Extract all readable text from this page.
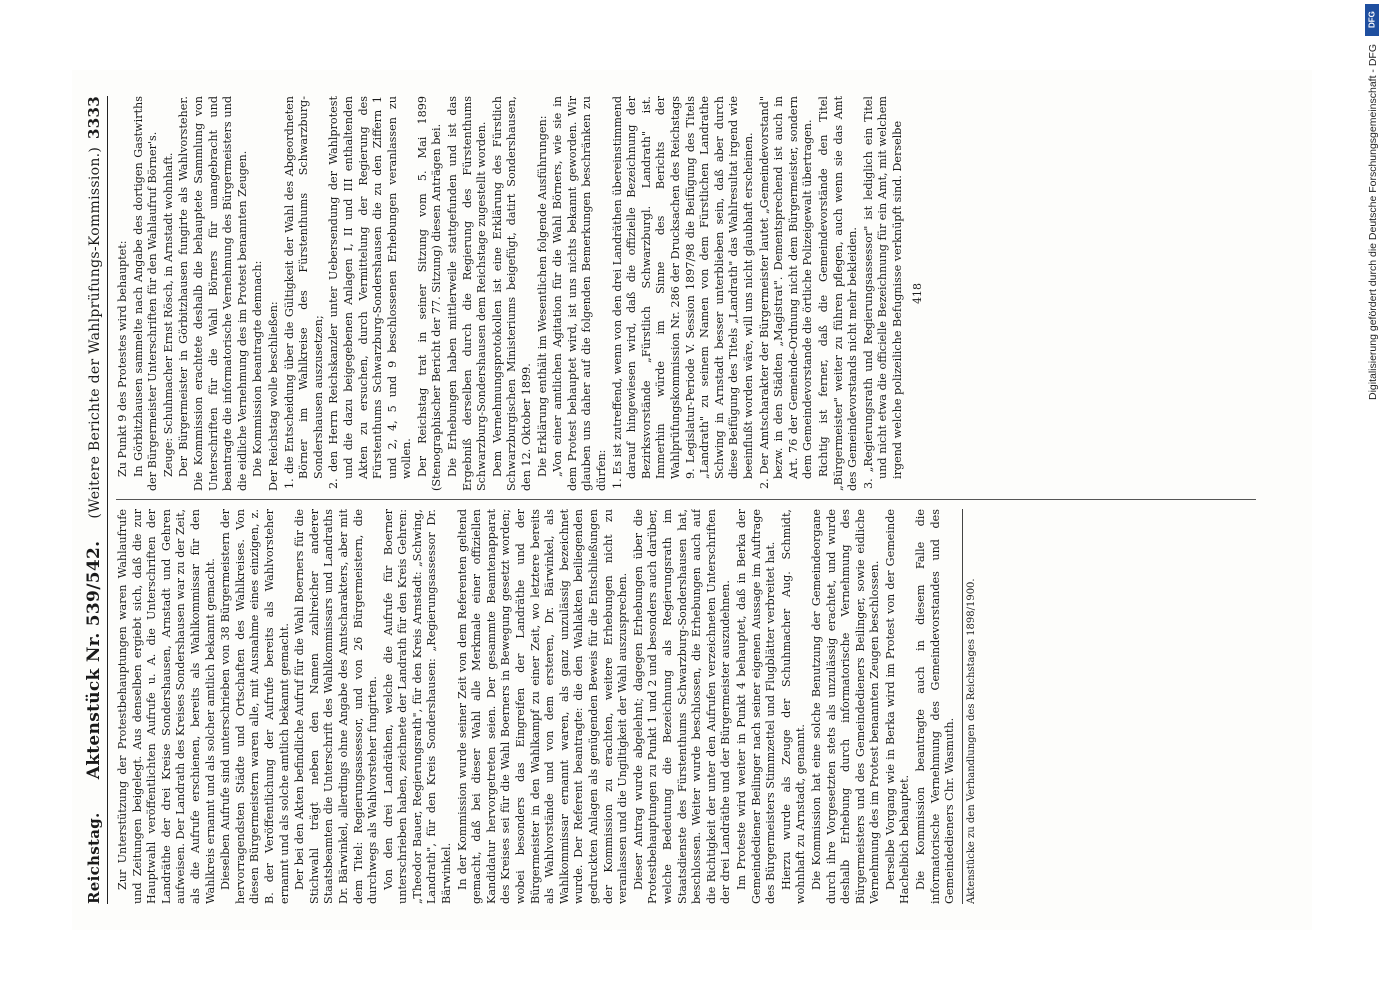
Reichstag.      Aktenstück Nr. 539/542.    (Weitere Berichte der Wahlprüfungs-Kommission.)
3333

Zur Unterstützung der Protestbehauptungen waren Wahlaufrufe und Zeitungen beigelegt. Aus denselben ergiebt sich, daß die zur Hauptwahl veröffentlichten Aufrufe u. A. die Unterschriften der Landräthe der drei Kreise Sondershausen, Arnstadt und Gehren aufweisen. Der Landrath des Kreises Sondershausen war zu der Zeit, als die Aufrufe erschienen, bereits als Wahlkommissar für den Wahlkreis ernannt und als solcher amtlich bekannt gemacht. Dieselben Aufrufe sind unterschrieben von 38 Bürgermeistern der hervorragendsten Städte und Ortschaften des Wahlkreises. Von diesen Bürgermeistern waren alle, mit Ausnahme eines einzigen, z. B. der Veröffentlichung der Aufrufe bereits als Wahlvorsteher ernannt und als solche amtlich bekannt gemacht. Der bei den Akten befindliche Aufruf für die Wahl Boerners für die Stichwahl trägt neben den Namen zahlreicher anderer Staatsbeamten die Unterschrift des Wahlkommissars und Landraths Dr. Bärwinkel, allerdings ohne Angabe des Amtscharakters, aber mit dem Titel: Regierungsassessor, und von 26 Bürgermeistern, die durchwegs als Wahlvorsteher fungirten. Von den drei Landräthen, welche die Aufrufe für Boerner unterschrieben haben, zeichnete der Landrath für den Kreis Gehren: „Theodor Bauer, Regierungsrath", für den Kreis Arnstadt: „Schwing, Landrath", für den Kreis Sondershausen: „Regierungsassessor Dr. Bärwinkel. In der Kommission wurde seiner Zeit von dem Referenten geltend gemacht, daß bei dieser Wahl alle Merkmale einer offiziellen Kandidatur hervorgetreten seien. Der gesammte Beamtenapparat des Kreises sei für die Wahl Boerners in Bewegung gesetzt worden; wobei besonders das Eingreifen der Landräthe und der Bürgermeister in den Wahlkampf zu einer Zeit, wo letztere bereits als Wahlvorstände und von dem ersteren, Dr. Bärwinkel, als Wahlkommissar ernannt waren, als ganz unzulässig bezeichnet wurde. Der Referent beantragte: die den Wahlakten beiliegenden gedruckten Anlagen als genügenden Beweis für die Entschließungen der Kommission zu erachten, weitere Erhebungen nicht zu veranlassen und die Ungiltigkeit der Wahl auszusprechen. Dieser Antrag wurde abgelehnt; dagegen Erhebungen über die Protestbehauptungen zu Punkt 1 und 2 und besonders auch darüber, welche Bedeutung die Bezeichnung als Regierungsrath im Staatsdienste des Fürstenthums Schwarzburg-Sondershausen hat, beschlossen. Weiter wurde beschlossen, die Erhebungen auch auf die Richtigkeit der unter den Aufrufen verzeichneten Unterschriften der drei Landräthe und der Bürgermeister auszudehnen. Im Proteste wird weiter in Punkt 4 behauptet, daß in Berka der Gemeindediener Beilinger nach seiner eigenen Aussage im Auftrage des Bürgermeisters Stimmzettel und Flugblätter verbreitet hat. Hierzu wurde als Zeuge der Schuhmacher Aug. Schmidt, wohnhaft zu Arnstadt, genannt. Die Kommission hat eine solche Benutzung der Gemeindeorgane durch ihre Vorgesetzten stets als unzulässig erachtet, und wurde deshalb Erhebung durch informatorische Vernehmung des Bürgermeisters und des Gemeindedieners Beilinger, sowie eidliche Vernehmung des im Protest benannten Zeugen beschlossen. Derselbe Vorgang wie in Berka wird im Protest von der Gemeinde Hachelbich behauptet. Die Kommission beantragte auch in diesem Falle die informatorische Vernehmung des Gemeindevorstandes und des Gemeindedieners Chr. Wasmuth. Aktenstücke zu den Verhandlungen des Reichstages 1898/1900.

Zu Punkt 9 des Protestes wird behauptet: In Görbitzhausen sammelte nach Angabe des dortigen Gastwirths der Bürgermeister Unterschriften für den Wahlaufruf Börner's. Zeuge: Schuhmacher Ernst Rösch, in Arnstadt wohnhaft. Der Bürgermeister in Görbitzhausen fungirte als Wahlvorsteher. Die Kommission erachtete deshalb die behauptete Sammlung von Unterschriften für die Wahl Börners für unangebracht und beantragte die informatorische Vernehmung des Bürgermeisters und die eidliche Vernehmung des im Protest benannten Zeugen. Die Kommission beantragte demnach: Der Reichstag wolle beschließen: 1. die Entscheidung über die Gültigkeit der Wahl des Abgeordneten Börner im Wahlkreise des Fürstenthums Schwarzburg-Sondershausen auszusetzen; 2. den Herrn Reichskanzler unter Uebersendung der Wahlprotest und die dazu beigegebenen Anlagen I, II und III enthaltenden Akten zu ersuchen, durch Vermittelung der Regierung des Fürstenthums Schwarzburg-Sondershausen die zu den Ziffern 1 und 2, 4, 5 und 9 beschlossenen Erhebungen veranlassen zu wollen. Der Reichstag trat in seiner Sitzung vom 5. Mai 1899 (Stenographischer Bericht der 77. Sitzung) diesen Anträgen bei. Die Erhebungen haben mittlerweile stattgefunden und ist das Ergebniß derselben durch die Regierung des Fürstenthums Schwarzburg-Sondershausen dem Reichstage zugestellt worden. Dem Vernehmungsprotokollen ist eine Erklärung des Fürstlich Schwarzburgischen Ministeriums beigefügt, datirt Sondershausen, den 12. Oktober 1899. Die Erklärung enthält im Wesentlichen folgende Ausführungen: „Von einer amtlichen Agitation für die Wahl Börners, wie sie in dem Protest behauptet wird, ist uns nichts bekannt geworden. Wir glauben uns daher auf die folgenden Bemerkungen beschränken zu dürfen: 1. Es ist zutreffend, wenn von den drei Landräthen übereinstimmend darauf hingewiesen wird, daß die offizielle Bezeichnung der Bezirksvorstände „Fürstlich Schwarzburgl. Landrath" ist. Immerhin würde im Sinne des Berichts der Wahlprüfungskommission Nr. 286 der Drucksachen des Reichstags 9. Legislatur-Periode V. Session 1897/98 die Beifügung des Titels „Landrath" zu seinem Namen von dem Fürstlichen Landrathe Schwing in Arnstadt besser unterblieben sein, daß aber durch diese Beifügung des Titels „Landrath" das Wahlresultat irgend wie beeinflußt worden wäre, will uns nicht glaubhaft erscheinen. 2. Der Amtscharakter der Bürgermeister lautet „Gemeindevorstand" bezw. in den Städten „Magistrat". Dementsprechend ist auch in Art. 76 der Gemeinde-Ordnung nicht dem Bürgermeister, sondern dem Gemeindevorstande die örtliche Polizeigewalt übertragen. Richtig ist ferner, daß die Gemeindevorstände den Titel „Bürgermeister" weiter zu führen pflegen, auch wenn sie das Amt des Gemeindevorstands nicht mehr bekleiden. 3. „Regierungsrath und Regierungsassessor" ist lediglich ein Titel und nicht etwa die officielle Bezeichnung für ein Amt, mit welchem irgend welche polizeiliche Befugnisse verknüpft sind. Derselbe 418
DFG
Digitalisierung gefördert durch die Deutsche Forschungsgemeinschaft - DFG
